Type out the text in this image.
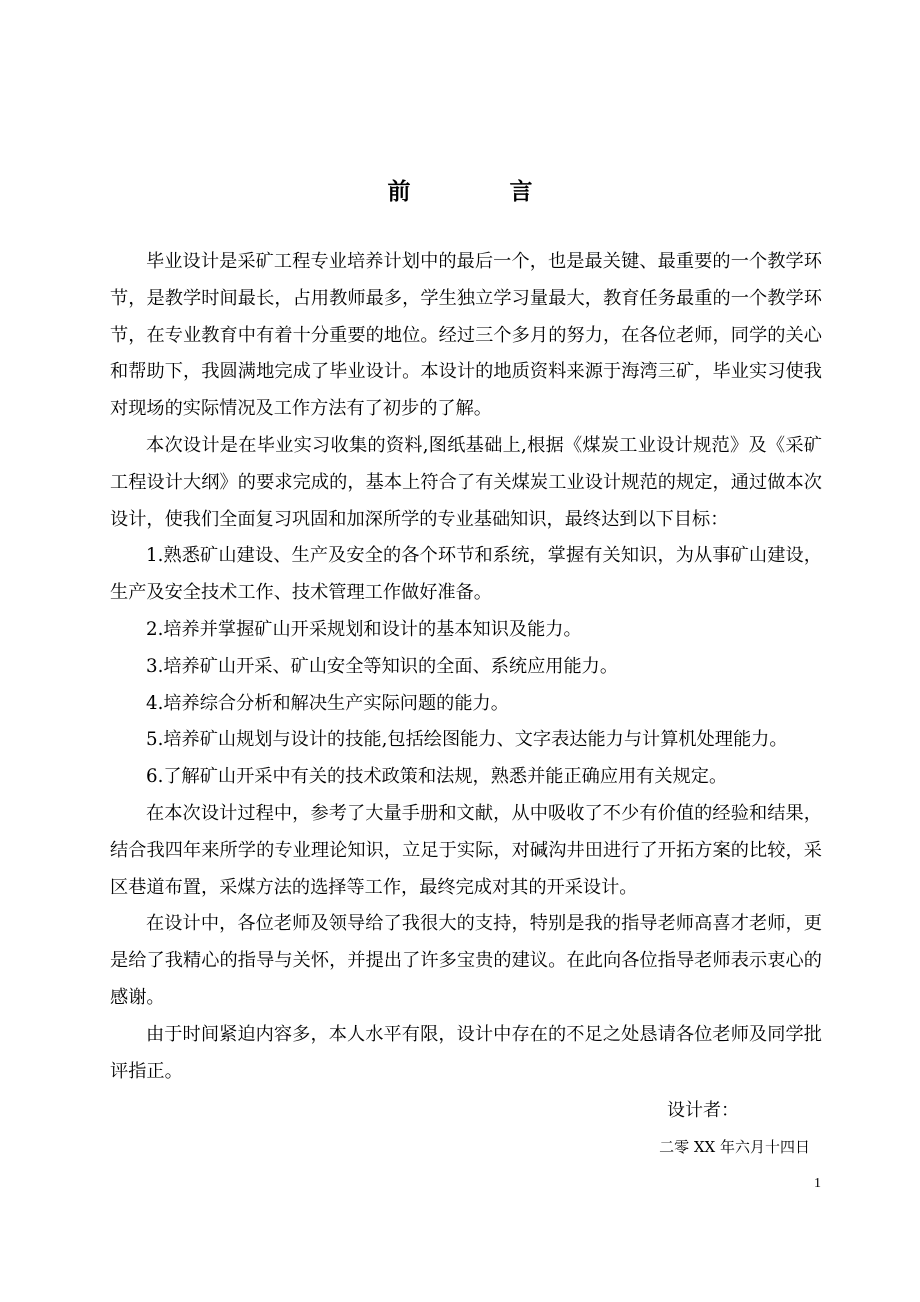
前　言

毕业设计是采矿工程专业培养计划中的最后一个，也是最关键、最重要的一个教学环节，是教学时间最长，占用教师最多，学生独立学习量最大，教育任务最重的一个教学环节，在专业教育中有着十分重要的地位。经过三个多月的努力，在各位老师，同学的关心和帮助下，我圆满地完成了毕业设计。本设计的地质资料来源于海湾三矿，毕业实习使我对现场的实际情况及工作方法有了初步的了解。

本次设计是在毕业实习收集的资料,图纸基础上,根据《煤炭工业设计规范》及《采矿工程设计大纲》的要求完成的，基本上符合了有关煤炭工业设计规范的规定，通过做本次设计，使我们全面复习巩固和加深所学的专业基础知识，最终达到以下目标：

1.熟悉矿山建设、生产及安全的各个环节和系统，掌握有关知识，为从事矿山建设，生产及安全技术工作、技术管理工作做好准备。

2.培养并掌握矿山开采规划和设计的基本知识及能力。

3.培养矿山开采、矿山安全等知识的全面、系统应用能力。

4.培养综合分析和解决生产实际问题的能力。

5.培养矿山规划与设计的技能,包括绘图能力、文字表达能力与计算机处理能力。

6.了解矿山开采中有关的技术政策和法规，熟悉并能正确应用有关规定。

在本次设计过程中，参考了大量手册和文献，从中吸收了不少有价值的经验和结果，结合我四年来所学的专业理论知识，立足于实际，对碱沟井田进行了开拓方案的比较，采区巷道布置，采煤方法的选择等工作，最终完成对其的开采设计。

在设计中，各位老师及领导给了我很大的支持，特别是我的指导老师高喜才老师，更是给了我精心的指导与关怀，并提出了许多宝贵的建议。在此向各位指导老师表示衷心的感谢。

由于时间紧迫内容多，本人水平有限，设计中存在的不足之处恳请各位老师及同学批评指正。

设计者：
二零 XX 年六月十四日
1
